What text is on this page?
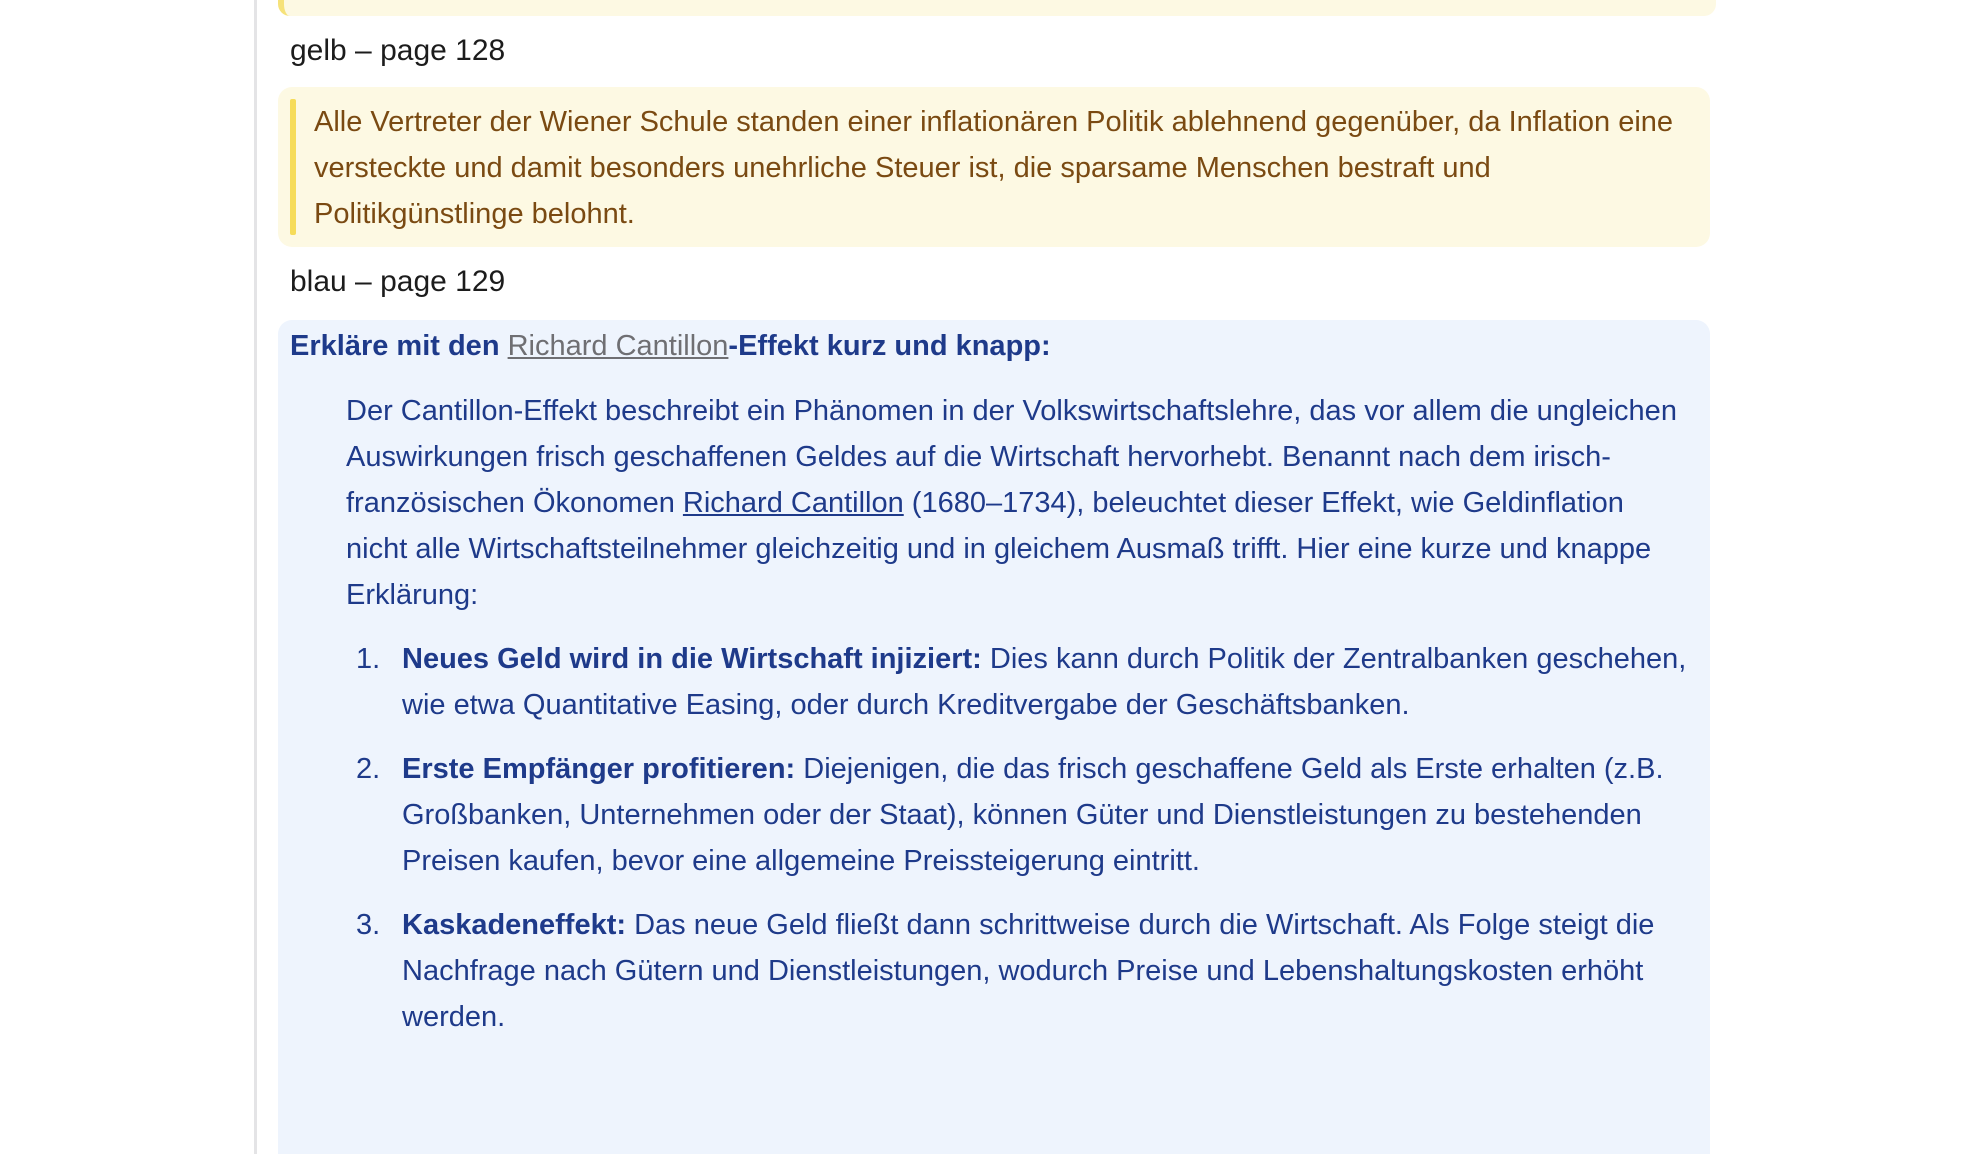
gelb – page 128
Alle Vertreter der Wiener Schule standen einer inflationären Politik ablehnend gegenüber, da Inflation eine versteckte und damit besonders unehrliche Steuer ist, die sparsame Menschen bestraft und Politikgünstlinge belohnt.
blau – page 129
Erkläre mit den Richard Cantillon-Effekt kurz und knapp:
Der Cantillon-Effekt beschreibt ein Phänomen in der Volkswirtschaftslehre, das vor allem die ungleichen Auswirkungen frisch geschaffenen Geldes auf die Wirtschaft hervorhebt. Benannt nach dem irisch-französischen Ökonomen Richard Cantillon (1680–1734), beleuchtet dieser Effekt, wie Geldinflation nicht alle Wirtschaftsteilnehmer gleichzeitig und in gleichem Ausmaß trifft. Hier eine kurze und knappe Erklärung:
1. Neues Geld wird in die Wirtschaft injiziert: Dies kann durch Politik der Zentralbanken geschehen, wie etwa Quantitative Easing, oder durch Kreditvergabe der Geschäftsbanken.
2. Erste Empfänger profitieren: Diejenigen, die das frisch geschaffene Geld als Erste erhalten (z.B. Großbanken, Unternehmen oder der Staat), können Güter und Dienstleistungen zu bestehenden Preisen kaufen, bevor eine allgemeine Preissteigerung eintritt.
3. Kaskadeneffekt: Das neue Geld fließt dann schrittweise durch die Wirtschaft. Als Folge steigt die Nachfrage nach Gütern und Dienstleistungen, wodurch Preise und Lebenshaltungskosten erhöht werden.
